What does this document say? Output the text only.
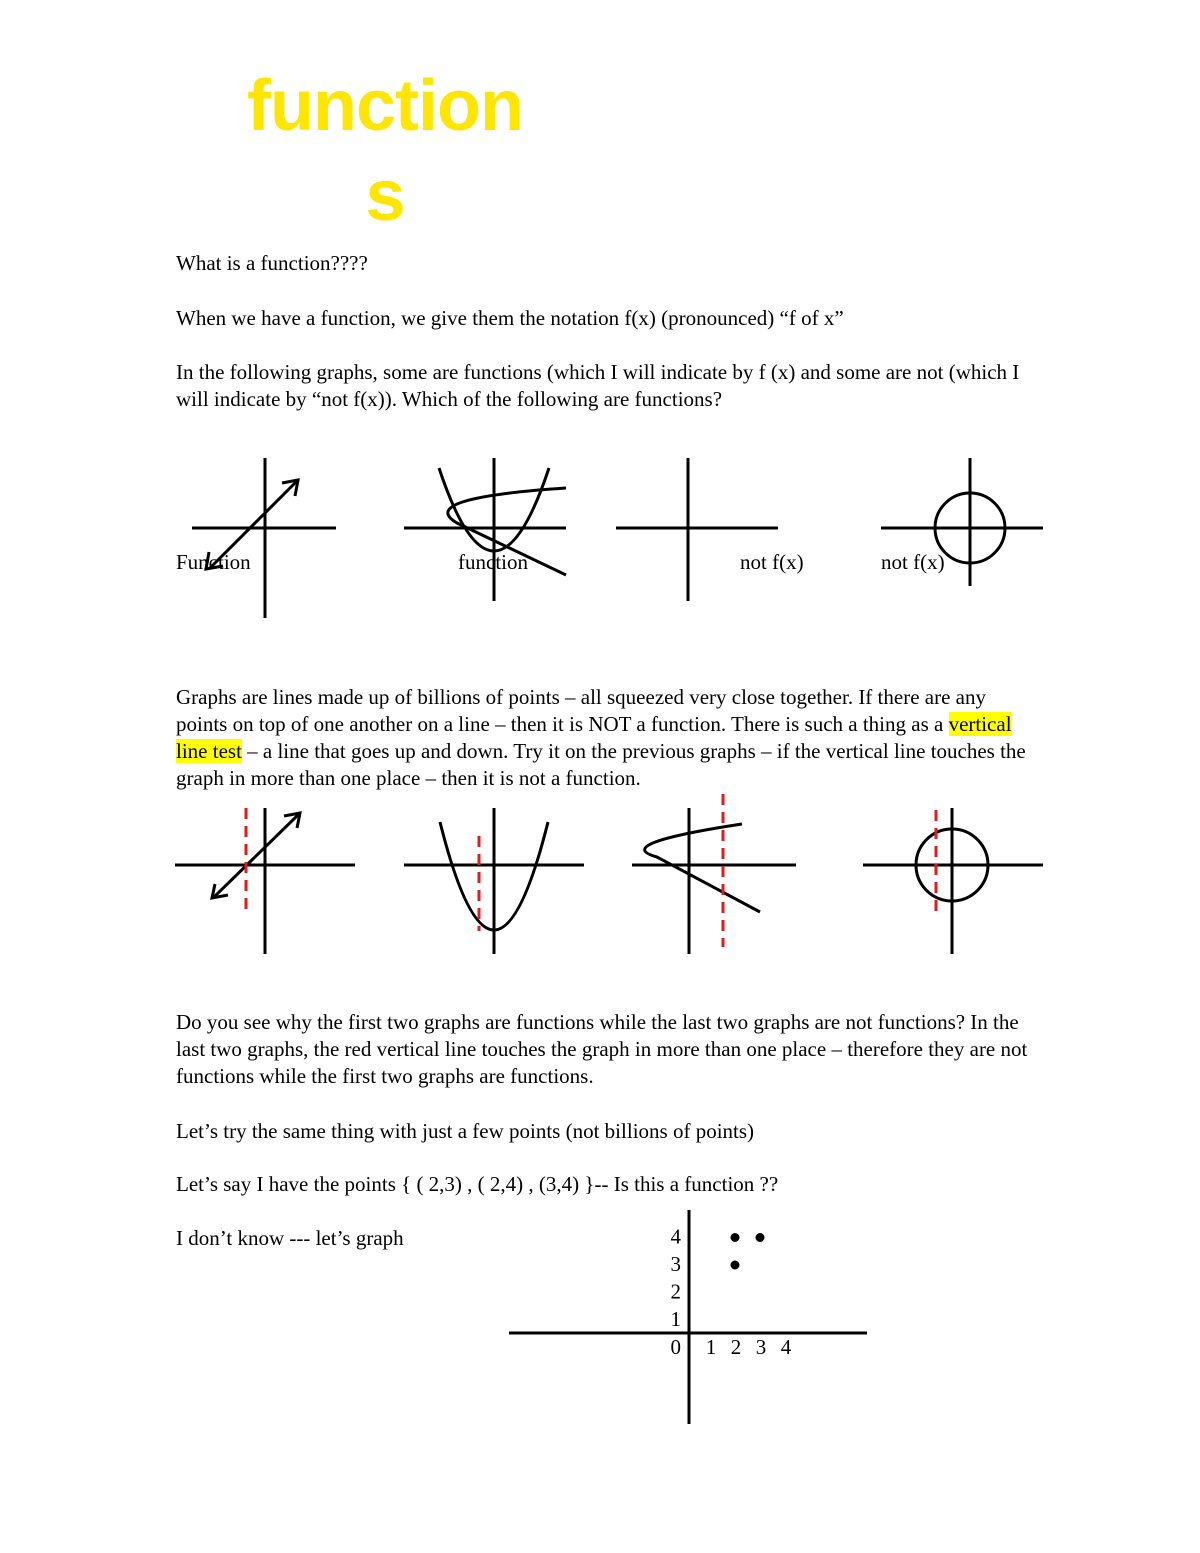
function
s

What is a function????

When we have a function, we give them the notation f(x) (pronounced) “f of x”

In the following graphs, some are functions (which I will indicate by f (x) and some are not (which I will indicate by “not f(x)). Which of the following are functions?

Function	function	not f(x)	not f(x)

Graphs are lines made up of billions of points – all squeezed very close together. If there are any points on top of one another on a line – then it is NOT a function. There is such a thing as a vertical line test – a line that goes up and down. Try it on the previous graphs – if the vertical line touches the graph in more than one place – then it is not a function.

Do you see why the first two graphs are functions while the last two graphs are not functions? In the last two graphs, the red vertical line touches the graph in more than one place – therefore they are not functions while the first two graphs are functions.

Let’s try the same thing with just a few points (not billions of points)

Let’s say I have the points { ( 2,3) , ( 2,4) , (3,4) }-- Is this a function ??

I don’t know --- let’s graph

1
2
3
4
0 1 2 3 4
